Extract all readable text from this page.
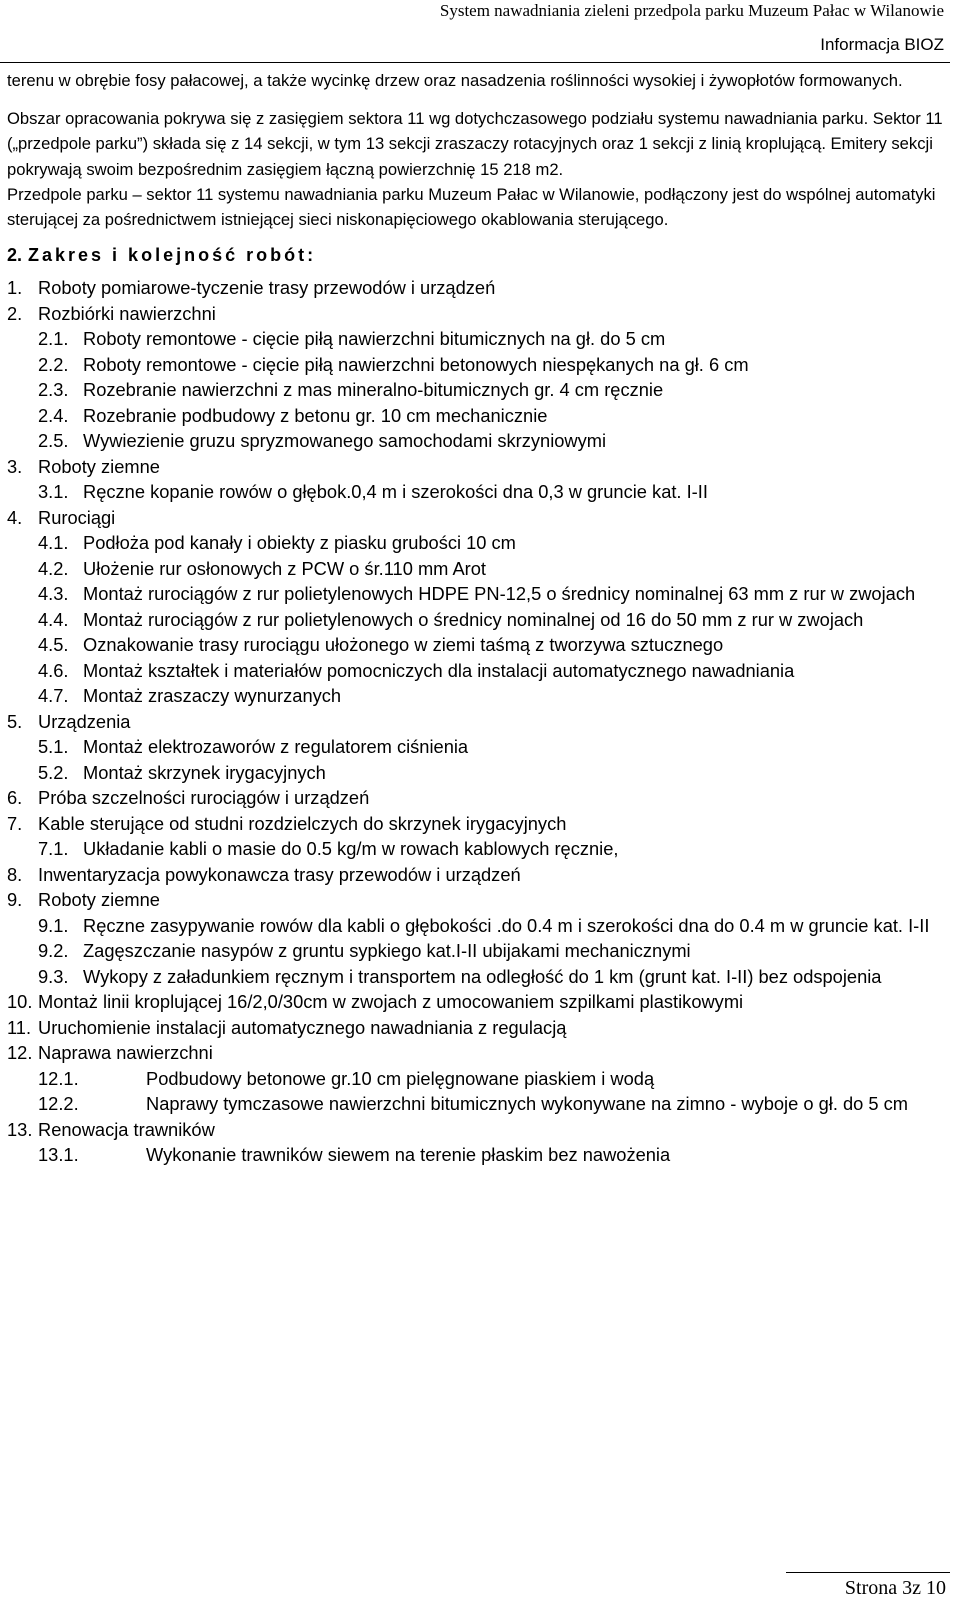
System nawadniania zieleni przedpola parku Muzeum Pałac w Wilanowie
Informacja BIOZ

terenu w obrębie fosy pałacowej, a także wycinkę drzew oraz nasadzenia roślinności wysokiej i żywopłotów formowanych.

Obszar opracowania pokrywa się z zasięgiem sektora 11 wg dotychczasowego podziału systemu nawadniania parku. Sektor 11 („przedpole parku”) składa się z 14 sekcji, w tym 13 sekcji zraszaczy rotacyjnych oraz 1 sekcji z linią kroplującą. Emitery sekcji pokrywają swoim bezpośrednim zasięgiem łączną powierzchnię 15 218 m2.

Przedpole parku – sektor 11 systemu nawadniania parku Muzeum Pałac w Wilanowie, podłączony jest do wspólnej automatyki sterującej za pośrednictwem istniejącej sieci niskonapięciowego okablowania sterującego.

2. Zakres i kolejność robót:
1. Roboty pomiarowe-tyczenie trasy przewodów i urządzeń
2. Rozbiórki nawierzchni
2.1. Roboty remontowe - cięcie piłą nawierzchni bitumicznych na gł. do 5 cm
2.2. Roboty remontowe - cięcie piłą nawierzchni betonowych niespękanych na gł. 6 cm
2.3. Rozebranie nawierzchni z mas mineralno-bitumicznych gr. 4 cm ręcznie
2.4. Rozebranie podbudowy z betonu gr. 10 cm mechanicznie
2.5. Wywiezienie gruzu spryzmowanego samochodami skrzyniowymi
3. Roboty ziemne
3.1. Ręczne kopanie rowów o głębok.0,4 m i szerokości dna 0,3 w gruncie kat. I-II
4. Rurociągi
4.1. Podłoża pod kanały i obiekty z piasku grubości 10 cm
4.2. Ułożenie rur osłonowych z PCW o śr.110 mm Arot
4.3. Montaż rurociągów z rur polietylenowych HDPE PN-12,5 o średnicy nominalnej 63 mm z rur w zwojach
4.4. Montaż rurociągów z rur polietylenowych o średnicy nominalnej od 16 do 50 mm z rur w zwojach
4.5. Oznakowanie trasy rurociągu ułożonego w ziemi taśmą z tworzywa sztucznego
4.6. Montaż kształtek i materiałów pomocniczych dla instalacji automatycznego nawadniania
4.7. Montaż zraszaczy wynurzanych
5. Urządzenia
5.1. Montaż elektrozaworów z regulatorem ciśnienia
5.2. Montaż skrzynek irygacyjnych
6. Próba szczelności rurociągów i urządzeń
7. Kable sterujące od studni rozdzielczych do skrzynek irygacyjnych
7.1. Układanie kabli o masie do 0.5 kg/m w rowach kablowych ręcznie,
8. Inwentaryzacja powykonawcza trasy przewodów i urządzeń
9. Roboty ziemne
9.1. Ręczne zasypywanie rowów dla kabli o głębokości .do 0.4 m i szerokości dna do 0.4 m w gruncie kat. I-II
9.2. Zagęszczanie nasypów z gruntu sypkiego kat.I-II ubijakami mechanicznymi
9.3. Wykopy z załadunkiem ręcznym i transportem na odległość do 1 km (grunt kat. I-II) bez odspojenia
10. Montaż linii kroplującej 16/2,0/30cm w zwojach z umocowaniem szpilkami plastikowymi
11. Uruchomienie instalacji automatycznego nawadniania z regulacją
12. Naprawa nawierzchni
12.1.	Podbudowy betonowe gr.10 cm pielęgnowane piaskiem i wodą
12.2.	Naprawy tymczasowe nawierzchni bitumicznych wykonywane na zimno - wyboje o gł. do 5 cm
13. Renowacja trawników
13.1.	Wykonanie trawników siewem na terenie płaskim bez nawożenia
Strona 3z 10
